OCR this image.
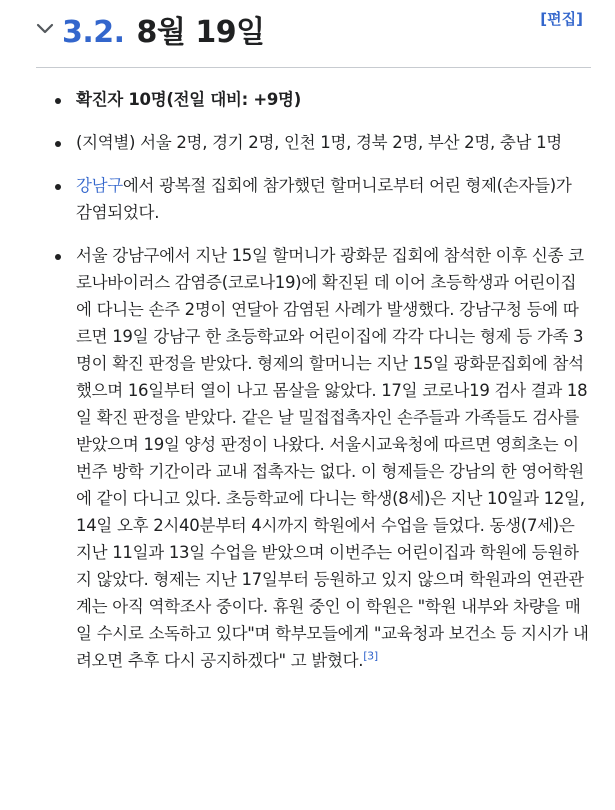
3.2. 8월 19일	[편집]
확진자 10명(전일 대비: +9명)
(지역별) 서울 2명, 경기 2명, 인천 1명, 경북 2명, 부산 2명, 충남 1명
강남구에서 광복절 집회에 참가했던 할머니로부터 어린 형제(손자들)가 감염되었다.
서울 강남구에서 지난 15일 할머니가 광화문 집회에 참석한 이후 신종 코로나바이러스 감염증(코로나19)에 확진된 데 이어 초등학생과 어린이집에 다니는 손주 2명이 연달아 감염된 사례가 발생했다. 강남구청 등에 따르면 19일 강남구 한 초등학교와 어린이집에 각각 다니는 형제 등 가족 3명이 확진 판정을 받았다. 형제의 할머니는 지난 15일 광화문집회에 참석했으며 16일부터 열이 나고 몸살을 앓았다. 17일 코로나19 검사 결과 18일 확진 판정을 받았다. 같은 날 밀접접촉자인 손주들과 가족들도 검사를 받았으며 19일 양성 판정이 나왔다. 서울시교육청에 따르면 영희초는 이번주 방학 기간이라 교내 접촉자는 없다. 이 형제들은 강남의 한 영어학원에 같이 다니고 있다. 초등학교에 다니는 학생(8세)은 지난 10일과 12일, 14일 오후 2시40분부터 4시까지 학원에서 수업을 들었다. 동생(7세)은 지난 11일과 13일 수업을 받았으며 이번주는 어린이집과 학원에 등원하지 않았다. 형제는 지난 17일부터 등원하고 있지 않으며 학원과의 연관관계는 아직 역학조사 중이다. 휴원 중인 이 학원은 "학원 내부와 차량을 매일 수시로 소독하고 있다"며 학부모들에게 "교육청과 보건소 등 지시가 내려오면 추후 다시 공지하겠다" 고 밝혔다.[3]
